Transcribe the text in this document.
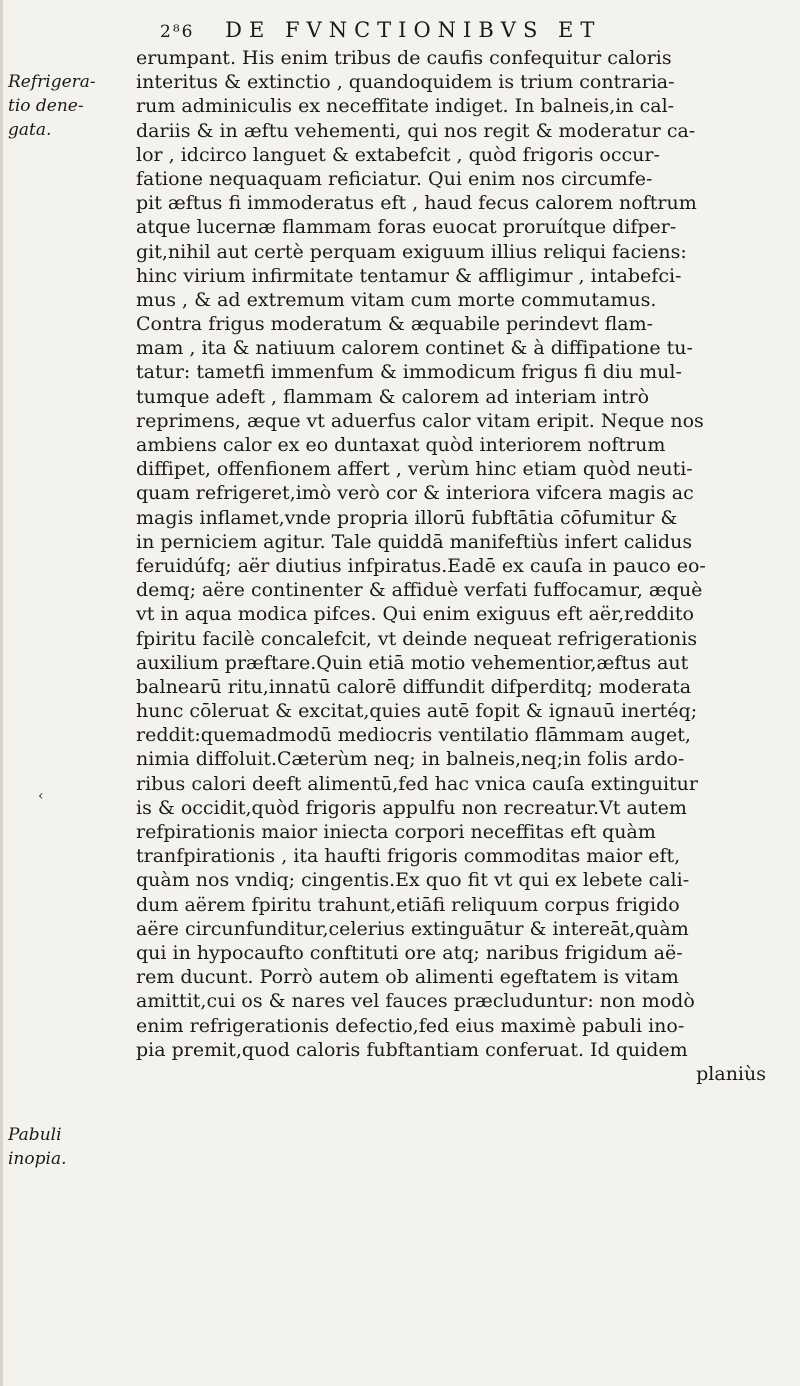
2⁸6 DE FVNCTIONIBVS ET
Refrigera-
tio dene-
gata.
‹
Pabuli
inopia.
erumpant. His enim tribus de caufis confequitur caloris
interitus & extinctio , quandoquidem is trium contraria-
rum adminiculis ex neceffitate indiget. In balneis,in cal-
dariis & in æftu vehementi, qui nos regit & moderatur ca-
lor , idcirco languet & extabefcit , quòd frigoris occur-
fatione nequaquam reficiatur. Qui enim nos circumfe-
pit æftus fi immoderatus eft , haud fecus calorem noftrum
atque lucernæ flammam foras euocat proruítque difper-
git,nihil aut certè perquam exiguum illius reliqui faciens:
hinc virium infirmitate tentamur & affligimur , intabefci-
mus , & ad extremum vitam cum morte commutamus.
Contra frigus moderatum & æquabile perindevt flam-
mam , ita & natiuum calorem continet & à diffipatione tu-
tatur: tametfi immenfum & immodicum frigus fi diu mul-
tumque adeft , flammam & calorem ad interiam intrò
reprimens, æque vt aduerfus calor vitam eripit. Neque nos
ambiens calor ex eo duntaxat quòd interiorem noftrum
diffipet, offenfionem affert , verùm hinc etiam quòd neuti-
quam refrigeret,imò verò cor & interiora vifcera magis ac
magis inflamet,vnde propria illorū fubftātia cōfumitur &
in perniciem agitur. Tale quiddā manifeftiùs infert calidus
feruidúfq; aër diutius infpiratus.Eadē ex cauſa in pauco eo-
demq; aëre continenter & affiduè verfati fuffocamur, æquè
vt in aqua modica pifces. Qui enim exiguus eft aër,reddito
fpiritu facilè concalefcit, vt deinde nequeat refrigerationis
auxilium præftare.Quin etiā motio vehementior,æftus aut
balnearū ritu,innatū calorē diffundit difperditq; moderata
hunc cōleruat & excitat,quies autē fopit & ignauū inertéq;
reddit:quemadmodū mediocris ventilatio flāmmam auget,
nimia diffoluit.Cæterùm neq; in balneis,neq;in folis ardo-
ribus calori deeft alimentū,fed hac vnica cauſa extinguitur
is & occidit,quòd frigoris appulfu non recreatur.Vt autem
refpirationis maior iniecta corpori neceffitas eft quàm
tranfpirationis , ita haufti frigoris commoditas maior eft,
quàm nos vndiq; cingentis.Ex quo fit vt qui ex lebete cali-
dum aërem fpiritu trahunt,etiāfi reliquum corpus frigido
aëre circunfunditur,celerius extinguātur & intereāt,quàm
qui in hypocaufto conftituti ore atq; naribus frigidum aë-
rem ducunt. Porrò autem ob alimenti egeftatem is vitam
amittit,cui os & nares vel fauces præcluduntur: non modò
enim refrigerationis defectio,fed eius maximè pabuli ino-
pia premit,quod caloris fubftantiam conferuat. Id quidem
planiùs
